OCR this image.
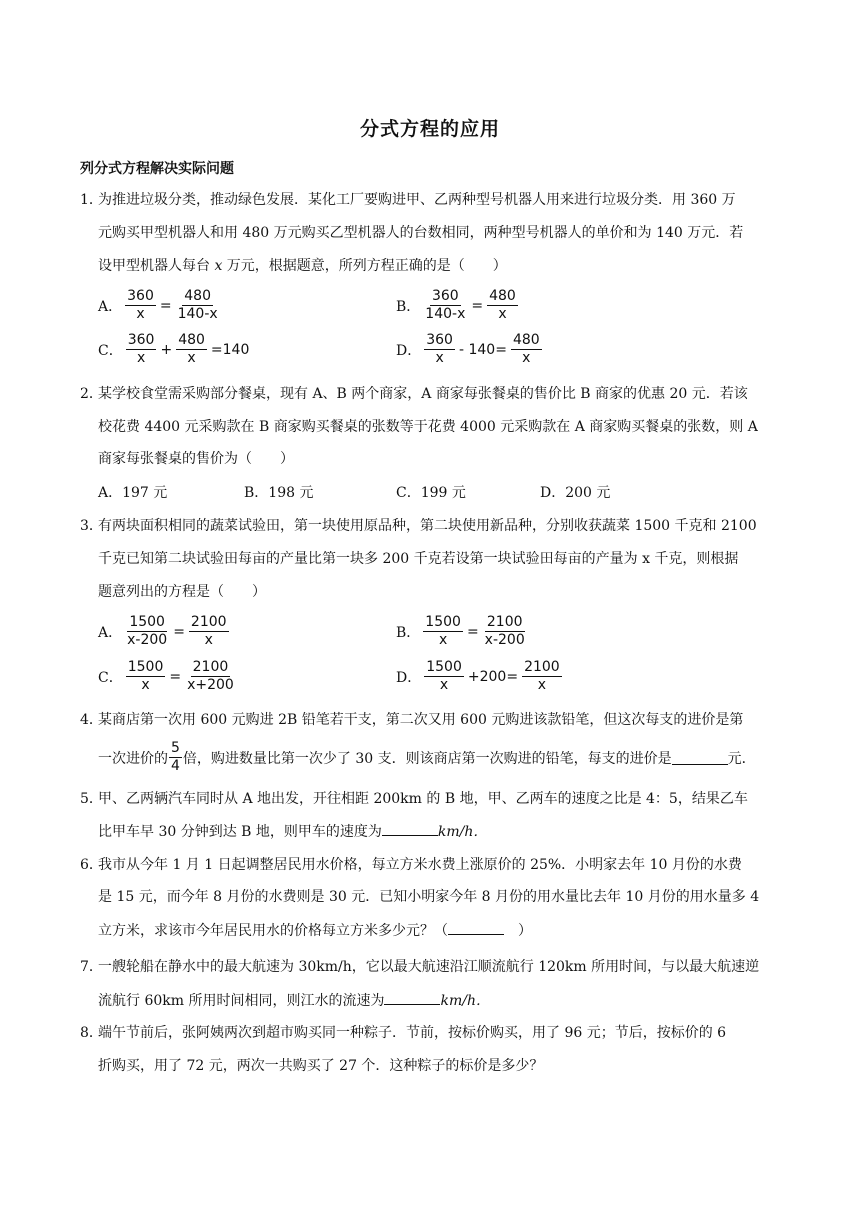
分式方程的应用
列分式方程解决实际问题
1．
为推进垃圾分类，推动绿色发展．某化工厂要购进甲、乙两种型号机器人用来进行垃圾分类．用 360 万
元购买甲型机器人和用 480 万元购买乙型机器人的台数相同，两种型号机器人的单价和为 140 万元．若
设甲型机器人每台 x 万元，根据题意，所列方程正确的是（　　）
A． $\frac{360}{x} = \frac{480}{140-x}$	B． $\frac{360}{140-x} = \frac{480}{x}$
C． $\frac{360}{x} + \frac{480}{x} =140$	D． $\frac{360}{x} - 140= \frac{480}{x}$
2．
某学校食堂需采购部分餐桌，现有 A、B 两个商家，A 商家每张餐桌的售价比 B 商家的优惠 20 元．若该
校花费 4400 元采购款在 B 商家购买餐桌的张数等于花费 4000 元采购款在 A 商家购买餐桌的张数，则 A
商家每张餐桌的售价为（　　）
A．197 元	B．198 元	C．199 元	D．200 元
3．
有两块面积相同的蔬菜试验田，第一块使用原品种，第二块使用新品种，分别收获蔬菜 1500 千克和 2100
千克已知第二块试验田每亩的产量比第一块多 200 千克若设第一块试验田每亩的产量为 x 千克，则根据
题意列出的方程是（　　）
A． $\frac{1500}{x-200} = \frac{2100}{x}$	B． $\frac{1500}{x} = \frac{2100}{x-200}$
C． $\frac{1500}{x} = \frac{2100}{x+200}$	D． $\frac{1500}{x} +200= \frac{2100}{x}$
4．
某商店第一次用 600 元购进 2B 铅笔若干支，第二次又用 600 元购进该款铅笔，但这次每支的进价是第
一次进价的 $\frac{5}{4}$ 倍，购进数量比第一次少了 30 支．则该商店第一次购进的铅笔，每支的进价是	元．
5．
甲、乙两辆汽车同时从 A 地出发，开往相距 200km 的 B 地，甲、乙两车的速度之比是 4：5，结果乙车
比甲车早 30 分钟到达 B 地，则甲车的速度为	km/h．
6．
我市从今年 1 月 1 日起调整居民用水价格，每立方米水费上涨原价的 25%．小明家去年 10 月份的水费
是 15 元，而今年 8 月份的水费则是 30 元．已知小明家今年 8 月份的用水量比去年 10 月份的用水量多 4
立方米，求该市今年居民用水的价格每立方米多少元？（	　）
7．
一艘轮船在静水中的最大航速为 30km/h，它以最大航速沿江顺流航行 120km 所用时间，与以最大航速逆
流航行 60km 所用时间相同，则江水的流速为	km/h．
8．
端午节前后，张阿姨两次到超市购买同一种粽子．节前，按标价购买，用了 96 元；节后，按标价的 6
折购买，用了 72 元，两次一共购买了 27 个．这种粽子的标价是多少？
